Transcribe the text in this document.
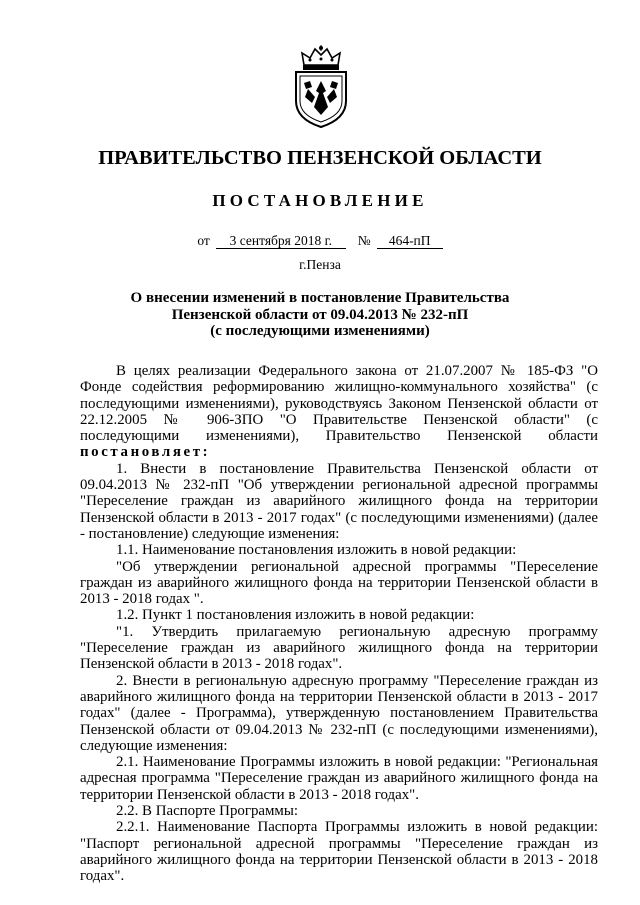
ПРАВИТЕЛЬСТВО ПЕНЗЕНСКОЙ ОБЛАСТИ
ПОСТАНОВЛЕНИЕ
от 3 сентября 2018 г. № 464-пП
г.Пенза
О внесении изменений в постановление Правительства
Пензенской области от 09.04.2013 № 232-пП
(с последующими изменениями)

В целях реализации Федерального закона от 21.07.2007 № 185-ФЗ "О Фонде содействия реформированию жилищно-коммунального хозяйства" (с последующими изменениями), руководствуясь Законом Пензенской области от 22.12.2005 № 906-ЗПО "О Правительстве Пензенской области" (с последующими изменениями), Правительство Пензенской области постановляет:

1. Внести в постановление Правительства Пензенской области от 09.04.2013 № 232-пП "Об утверждении региональной адресной программы "Переселение граждан из аварийного жилищного фонда на территории Пензенской области в 2013 - 2017 годах" (с последующими изменениями) (далее - постановление) следующие изменения:

1.1. Наименование постановления изложить в новой редакции:

"Об утверждении региональной адресной программы "Переселение граждан из аварийного жилищного фонда на территории Пензенской области в 2013 - 2018 годах ".

1.2. Пункт 1 постановления изложить в новой редакции:

"1. Утвердить прилагаемую региональную адресную программу "Переселение граждан из аварийного жилищного фонда на территории Пензенской области в 2013 - 2018 годах".

2. Внести в региональную адресную программу "Переселение граждан из аварийного жилищного фонда на территории Пензенской области в 2013 - 2017 годах" (далее - Программа), утвержденную постановлением Правительства Пензенской области от 09.04.2013 № 232-пП (с последующими изменениями), следующие изменения:

2.1. Наименование Программы изложить в новой редакции: "Региональная адресная программа "Переселение граждан из аварийного жилищного фонда на территории Пензенской области в 2013 - 2018 годах".

2.2. В Паспорте Программы:

2.2.1. Наименование Паспорта Программы изложить в новой редакции: "Паспорт региональной адресной программы "Переселение граждан из аварийного жилищного фонда на территории Пензенской области в 2013 - 2018 годах".
